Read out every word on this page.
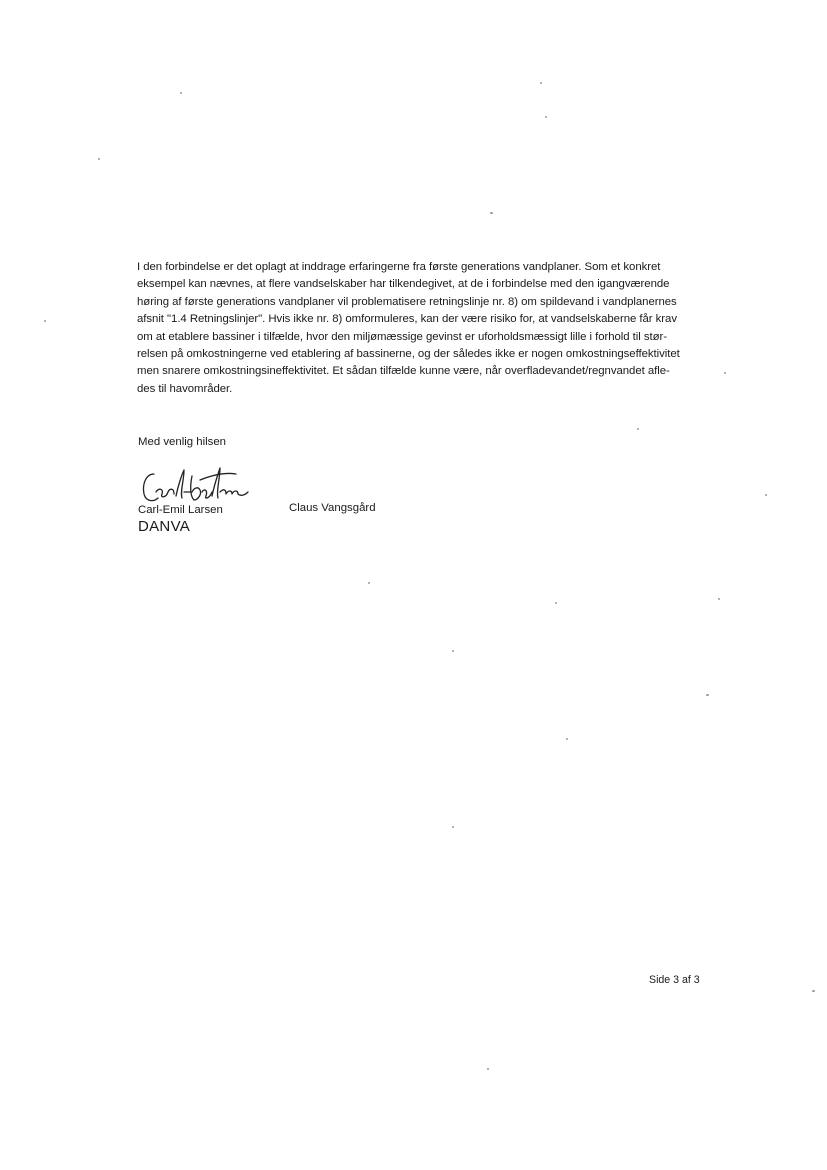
I den forbindelse er det oplagt at inddrage erfaringerne fra første generations vandplaner. Som et konkret
eksempel kan nævnes, at flere vandselskaber har tilkendegivet, at de i forbindelse med den igangværende
høring af første generations vandplaner vil problematisere retningslinje nr. 8) om spildevand i vandplanernes
afsnit "1.4 Retningslinjer". Hvis ikke nr. 8) omformuleres, kan der være risiko for, at vandselskaberne får krav
om at etablere bassiner i tilfælde, hvor den miljømæssige gevinst er uforholdsmæssigt lille i forhold til stør-
relsen på omkostningerne ved etablering af bassinerne, og der således ikke er nogen omkostningseffektivitet
men snarere omkostningsineffektivitet. Et sådan tilfælde kunne være, når overfladevandet/regnvandet afle-
des til havområder.

Med venlig hilsen

Carl-Emil Larsen

DANVA

Claus Vangsgård

Side 3 af 3
